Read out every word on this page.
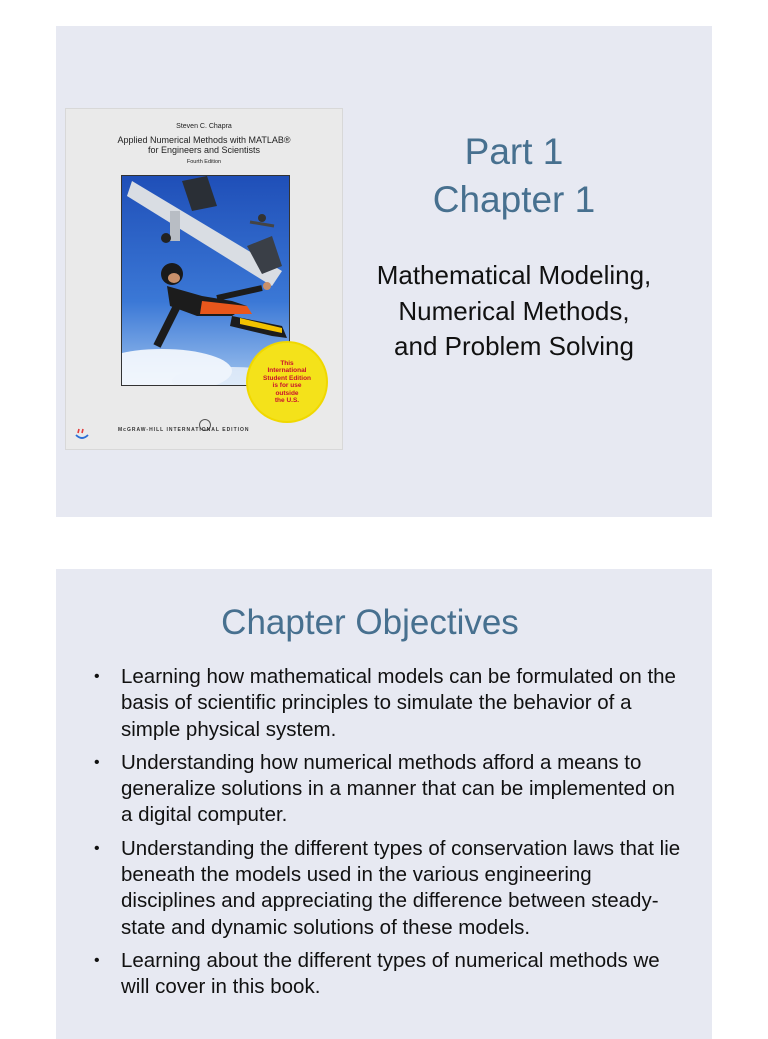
Steven C. Chapra
Applied Numerical Methods with MATLAB®
for Engineers and Scientists
Fourth Edition
This
International
Student Edition
is for use
outside
the U.S.
McGRAW-HILL INTERNATIONAL EDITION
Part 1
Chapter 1
Mathematical Modeling,
Numerical Methods,
and Problem Solving
Chapter Objectives
• Learning how mathematical models can be formulated on the basis of scientific principles to simulate the behavior of a simple physical system.
• Understanding how numerical methods afford a means to generalize solutions in a manner that can be implemented on a digital computer.
• Understanding the different types of conservation laws that lie beneath the models used in the various engineering disciplines and appreciating the difference between steady-state and dynamic solutions of these models.
• Learning about the different types of numerical methods we will cover in this book.
